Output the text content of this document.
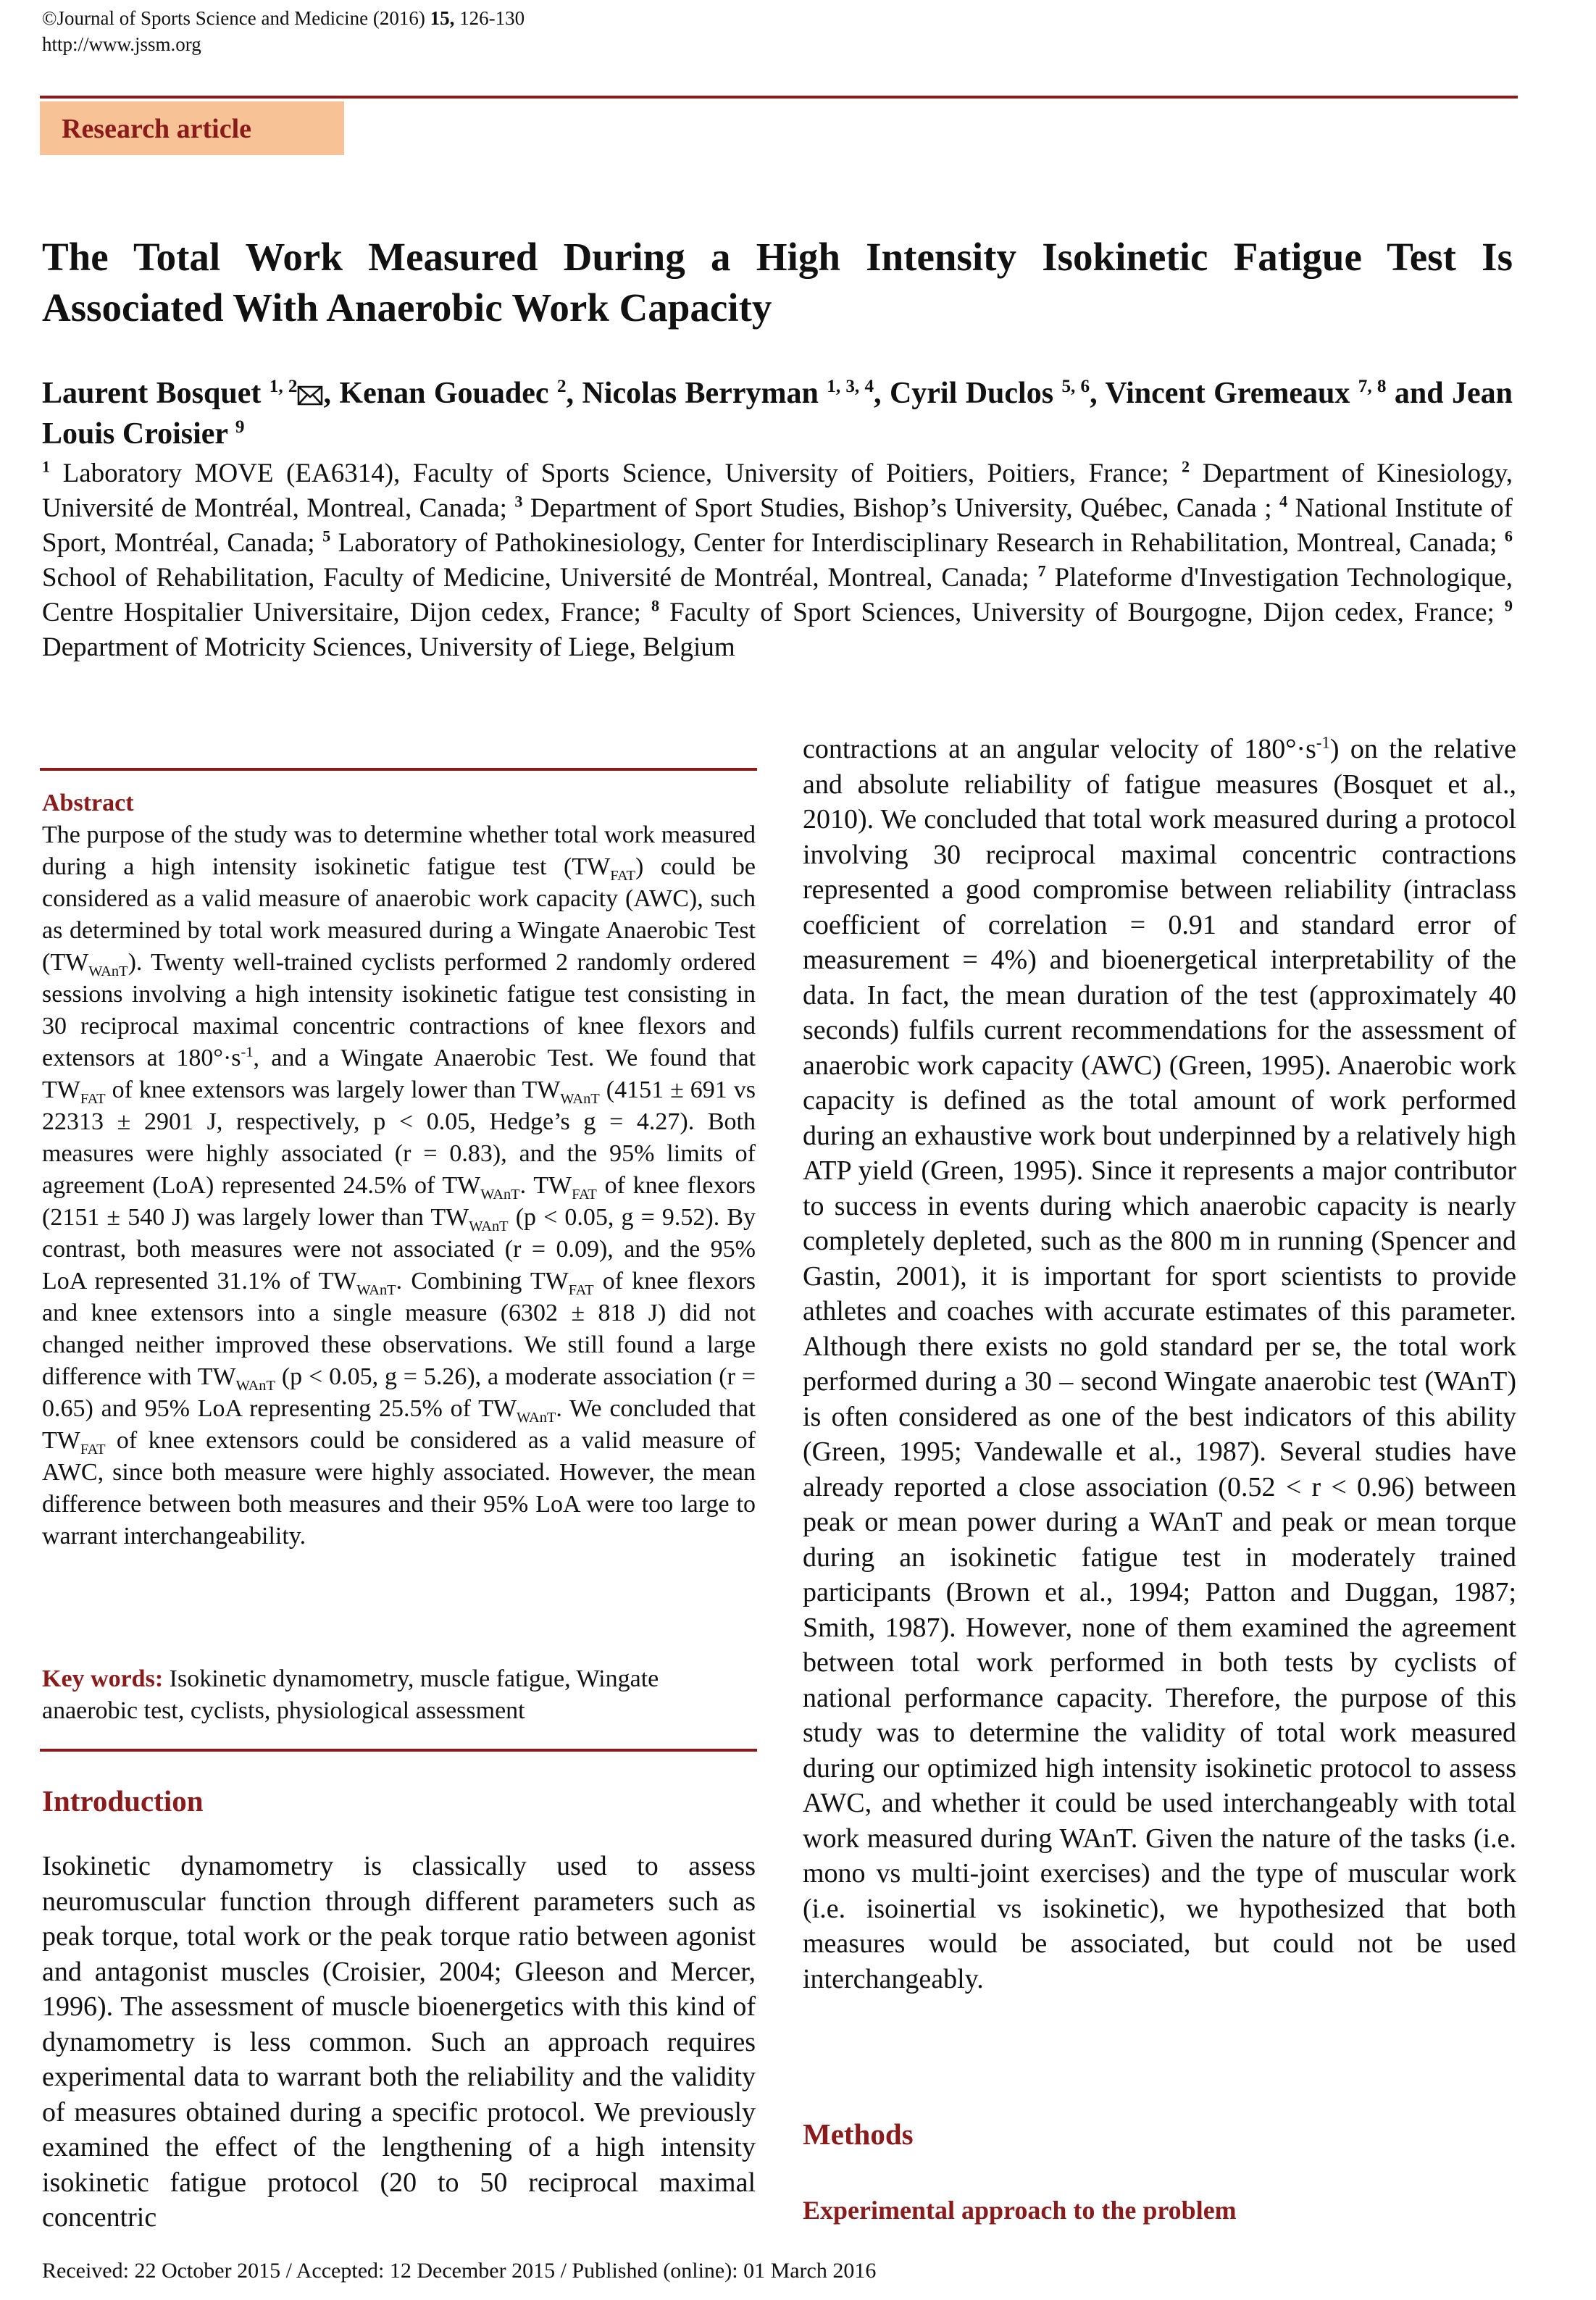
©Journal of Sports Science and Medicine (2016) 15, 126-130
http://www.jssm.org
Research article
The Total Work Measured During a High Intensity Isokinetic Fatigue Test Is Associated With Anaerobic Work Capacity
Laurent Bosquet $^{1, 2}$ , Kenan Gouadec $^2$, Nicolas Berryman $^{1, 3, 4}$, Cyril Duclos $^{5, 6}$, Vincent Gremeaux $^{7, 8}$ and Jean Louis Croisier $^9$
$^1$ Laboratory MOVE (EA6314), Faculty of Sports Science, University of Poitiers, Poitiers, France; $^2$ Department of Kinesiology, Université de Montréal, Montreal, Canada; $^3$ Department of Sport Studies, Bishop’s University, Québec, Canada ; $^4$ National Institute of Sport, Montréal, Canada; $^5$ Laboratory of Pathokinesiology, Center for Interdisciplinary Research in Rehabilitation, Montreal, Canada; $^6$ School of Rehabilitation, Faculty of Medicine, Université de Montréal, Montreal, Canada; $^7$ Plateforme d'Investigation Technologique, Centre Hospitalier Universitaire, Dijon cedex, France; $^8$ Faculty of Sport Sciences, University of Bourgogne, Dijon cedex, France; $^9$ Department of Motricity Sciences, University of Liege, Belgium
Abstract
The purpose of the study was to determine whether total work measured during a high intensity isokinetic fatigue test $(TW_{FAT})$ could be considered as a valid measure of anaerobic work capacity (AWC), such as determined by total work measured during a Wingate Anaerobic Test $(TW_{WAnT})$. Twenty well-trained cyclists performed 2 randomly ordered sessions involving a high intensity isokinetic fatigue test consisting in 30 reciprocal maximal concentric contractions of knee flexors and extensors at $180^\circ\cdot s^{-1}$, and a Wingate Anaerobic Test. We found that $TW_{FAT}$ of knee extensors was largely lower than $TW_{WAnT}$ (4151 ± 691 vs 22313 ± 2901 J, respectively, p < 0.05, Hedge’s g = 4.27). Both measures were highly associated (r = 0.83), and the 95% limits of agreement (LoA) represented 24.5% of $TW_{WAnT}$. $TW_{FAT}$ of knee flexors (2151 ± 540 J) was largely lower than $TW_{WAnT}$ (p < 0.05, g = 9.52). By contrast, both measures were not associated (r = 0.09), and the 95% LoA represented 31.1% of $TW_{WAnT}$. Combining $TW_{FAT}$ of knee flexors and knee extensors into a single measure (6302 ± 818 J) did not changed neither improved these observations. We still found a large difference with $TW_{WAnT}$ (p < 0.05, g = 5.26), a moderate association (r = 0.65) and 95% LoA representing 25.5% of $TW_{WAnT}$. We concluded that $TW_{FAT}$ of knee extensors could be considered as a valid measure of AWC, since both measure were highly associated. However, the mean difference between both measures and their 95% LoA were too large to warrant interchangeability.
Key words: Isokinetic dynamometry, muscle fatigue, Wingate anaerobic test, cyclists, physiological assessment
Introduction
Isokinetic dynamometry is classically used to assess neuromuscular function through different parameters such as peak torque, total work or the peak torque ratio between agonist and antagonist muscles (Croisier, 2004; Gleeson and Mercer, 1996). The assessment of muscle bioenergetics with this kind of dynamometry is less common. Such an approach requires experimental data to warrant both the reliability and the validity of measures obtained during a specific protocol. We previously examined the effect of the lengthening of a high intensity isokinetic fatigue protocol (20 to 50 reciprocal maximal concentric
contractions at an angular velocity of $180^\circ\cdot s^{-1}$) on the relative and absolute reliability of fatigue measures (Bosquet et al., 2010). We concluded that total work measured during a protocol involving 30 reciprocal maximal concentric contractions represented a good compromise between reliability (intraclass coefficient of correlation = 0.91 and standard error of measurement = 4%) and bioenergetical interpretability of the data. In fact, the mean duration of the test (approximately 40 seconds) fulfils current recommendations for the assessment of anaerobic work capacity (AWC) (Green, 1995). Anaerobic work capacity is defined as the total amount of work performed during an exhaustive work bout underpinned by a relatively high ATP yield (Green, 1995). Since it represents a major contributor to success in events during which anaerobic capacity is nearly completely depleted, such as the 800 m in running (Spencer and Gastin, 2001), it is important for sport scientists to provide athletes and coaches with accurate estimates of this parameter. Although there exists no gold standard per se, the total work performed during a 30 – second Wingate anaerobic test (WAnT) is often considered as one of the best indicators of this ability (Green, 1995; Vandewalle et al., 1987). Several studies have already reported a close association (0.52 < r < 0.96) between peak or mean power during a WAnT and peak or mean torque during an isokinetic fatigue test in moderately trained participants (Brown et al., 1994; Patton and Duggan, 1987; Smith, 1987). However, none of them examined the agreement between total work performed in both tests by cyclists of national performance capacity. Therefore, the purpose of this study was to determine the validity of total work measured during our optimized high intensity isokinetic protocol to assess AWC, and whether it could be used interchangeably with total work measured during WAnT. Given the nature of the tasks (i.e. mono vs multi-joint exercises) and the type of muscular work (i.e. isoinertial vs isokinetic), we hypothesized that both measures would be associated, but could not be used interchangeably.
Methods
Experimental approach to the problem
Received: 22 October 2015 / Accepted: 12 December 2015 / Published (online): 01 March 2016
